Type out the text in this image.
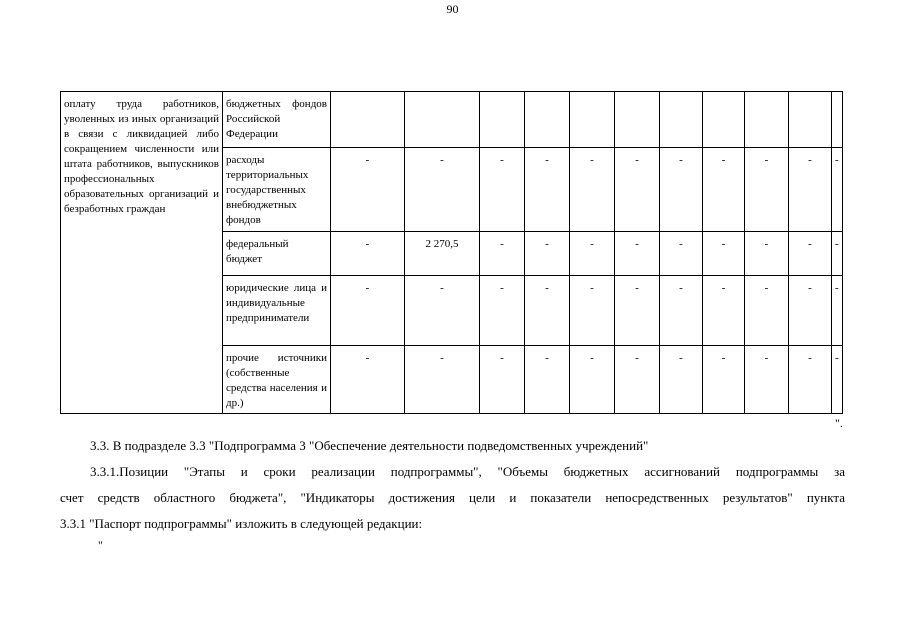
90
оплату труда работников, уволенных из иных организаций в связи с ликвидацией либо сокращением численности или штата работников, выпускников профессиональных образовательных организаций и безработных граждан	бюджетных фондов Российской Федерации											
	расходы территориальных государственных внебюджетных фондов	-	-	-	-	-	-	-	-	-	-	-
	федеральный бюджет	-	2 270,5	-	-	-	-	-	-	-	-	-
	юридические лица и индивидуальные предприниматели	-	-	-	-	-	-	-	-	-	-	-
	прочие источники (собственные средства населения и др.)	-	-	-	-	-	-	-	-	-	-	-
".
3.3. В подразделе 3.3 "Подпрограмма 3 "Обеспечение деятельности подведомственных учреждений"
3.3.1.Позиции "Этапы и сроки реализации подпрограммы", "Объемы бюджетных ассигнований подпрограммы за
счет средств областного бюджета", "Индикаторы достижения цели и показатели непосредственных результатов" пункта
3.3.1 "Паспорт подпрограммы" изложить в следующей редакции:
"
